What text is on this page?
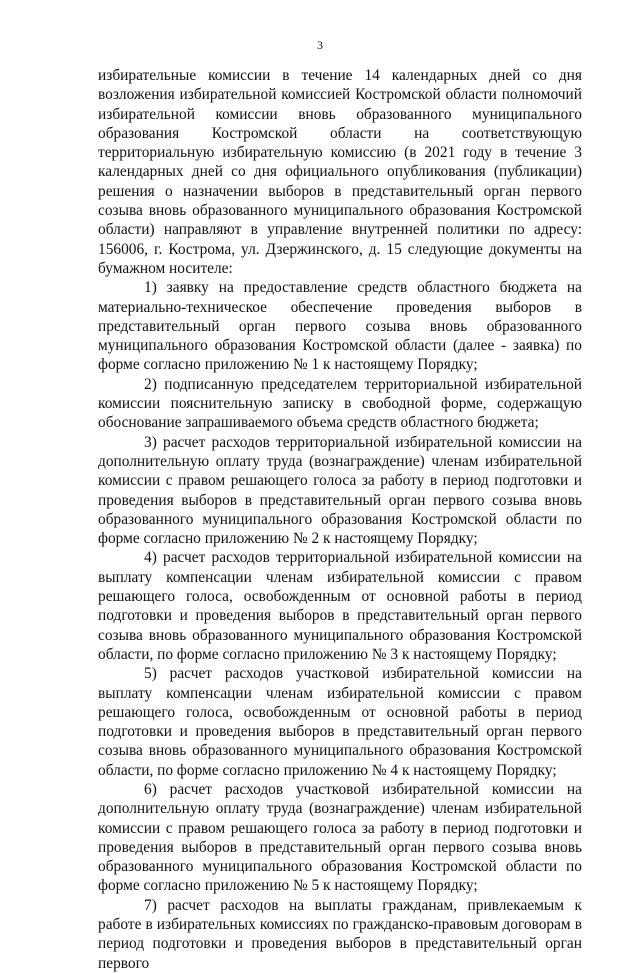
3

избирательные комиссии в течение 14 календарных дней со дня возложения избирательной комиссией Костромской области полномочий избирательной комиссии вновь образованного муниципального образования Костромской области на соответствующую территориальную избирательную комиссию (в 2021 году в течение 3 календарных дней со дня официального опубликования (публикации) решения о назначении выборов в представительный орган первого созыва вновь образованного муниципального образования Костромской области) направляют в управление внутренней политики по адресу: 156006, г. Кострома, ул. Дзержинского, д. 15 следующие документы на бумажном носителе:

1) заявку на предоставление средств областного бюджета на материально-техническое обеспечение проведения выборов в представительный орган первого созыва вновь образованного муниципального образования Костромской области (далее - заявка) по форме согласно приложению № 1 к настоящему Порядку;

2) подписанную председателем территориальной избирательной комиссии пояснительную записку в свободной форме, содержащую обоснование запрашиваемого объема средств областного бюджета;

3) расчет расходов территориальной избирательной комиссии на дополнительную оплату труда (вознаграждение) членам избирательной комиссии с правом решающего голоса за работу в период подготовки и проведения выборов в представительный орган первого созыва вновь образованного муниципального образования Костромской области по форме согласно приложению № 2 к настоящему Порядку;

4) расчет расходов территориальной избирательной комиссии на выплату компенсации членам избирательной комиссии с правом решающего голоса, освобожденным от основной работы в период подготовки и проведения выборов в представительный орган первого созыва вновь образованного муниципального образования Костромской области, по форме согласно приложению № 3 к настоящему Порядку;

5) расчет расходов участковой избирательной комиссии на выплату компенсации членам избирательной комиссии с правом решающего голоса, освобожденным от основной работы в период подготовки и проведения выборов в представительный орган первого созыва вновь образованного муниципального образования Костромской области, по форме согласно приложению № 4 к настоящему Порядку;

6) расчет расходов участковой избирательной комиссии на дополнительную оплату труда (вознаграждение) членам избирательной комиссии с правом решающего голоса за работу в период подготовки и проведения выборов в представительный орган первого созыва вновь образованного муниципального образования Костромской области по форме согласно приложению № 5 к настоящему Порядку;

7) расчет расходов на выплаты гражданам, привлекаемым к работе в избирательных комиссиях по гражданско-правовым договорам в период подготовки и проведения выборов в представительный орган первого
